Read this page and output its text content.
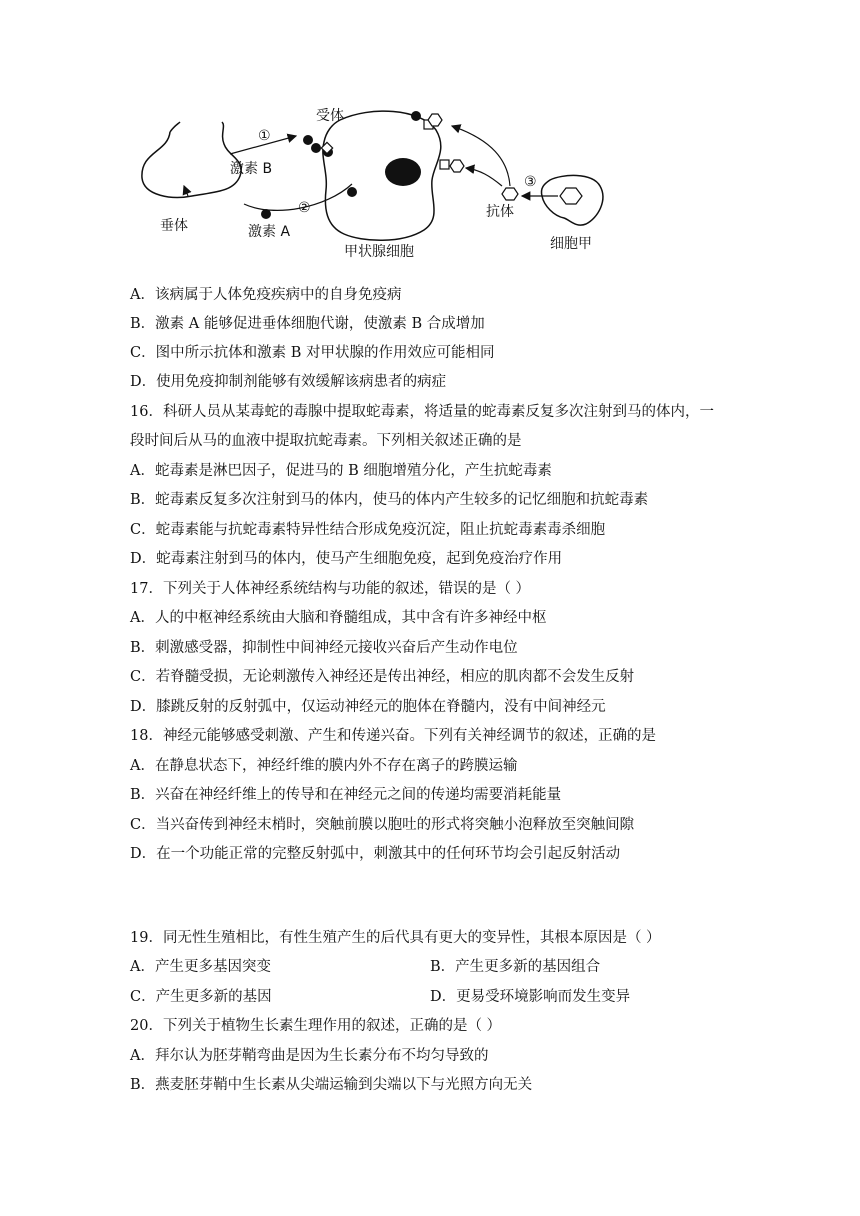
①
②
③
激素 B
受体
垂体	激素 A
甲状腺细胞
抗体
细胞甲
A．该病属于人体免疫疾病中的自身免疫病
B．激素 A 能够促进垂体细胞代谢，使激素 B 合成增加
C．图中所示抗体和激素 B 对甲状腺的作用效应可能相同
D．使用免疫抑制剂能够有效缓解该病患者的病症
16．科研人员从某毒蛇的毒腺中提取蛇毒素，将适量的蛇毒素反复多次注射到马的体内，一
段时间后从马的血液中提取抗蛇毒素。下列相关叙述正确的是
A．蛇毒素是淋巴因子，促进马的 B 细胞增殖分化，产生抗蛇毒素
B．蛇毒素反复多次注射到马的体内，使马的体内产生较多的记忆细胞和抗蛇毒素
C．蛇毒素能与抗蛇毒素特异性结合形成免疫沉淀，阻止抗蛇毒素毒杀细胞
D．蛇毒素注射到马的体内，使马产生细胞免疫，起到免疫治疗作用
17．下列关于人体神经系统结构与功能的叙述，错误的是（ ）
A．人的中枢神经系统由大脑和脊髓组成，其中含有许多神经中枢
B．刺激感受器，抑制性中间神经元接收兴奋后产生动作电位
C．若脊髓受损，无论刺激传入神经还是传出神经，相应的肌肉都不会发生反射
D．膝跳反射的反射弧中，仅运动神经元的胞体在脊髓内，没有中间神经元
18．神经元能够感受刺激、产生和传递兴奋。下列有关神经调节的叙述，正确的是
A．在静息状态下，神经纤维的膜内外不存在离子的跨膜运输
B．兴奋在神经纤维上的传导和在神经元之间的传递均需要消耗能量
C．当兴奋传到神经末梢时，突触前膜以胞吐的形式将突触小泡释放至突触间隙
D．在一个功能正常的完整反射弧中，刺激其中的任何环节均会引起反射活动
19．同无性生殖相比，有性生殖产生的后代具有更大的变异性，其根本原因是（ ）
A．产生更多基因突变	B．产生更多新的基因组合
C．产生更多新的基因	D．更易受环境影响而发生变异
20．下列关于植物生长素生理作用的叙述，正确的是（ ）
A．拜尔认为胚芽鞘弯曲是因为生长素分布不均匀导致的
B．燕麦胚芽鞘中生长素从尖端运输到尖端以下与光照方向无关
